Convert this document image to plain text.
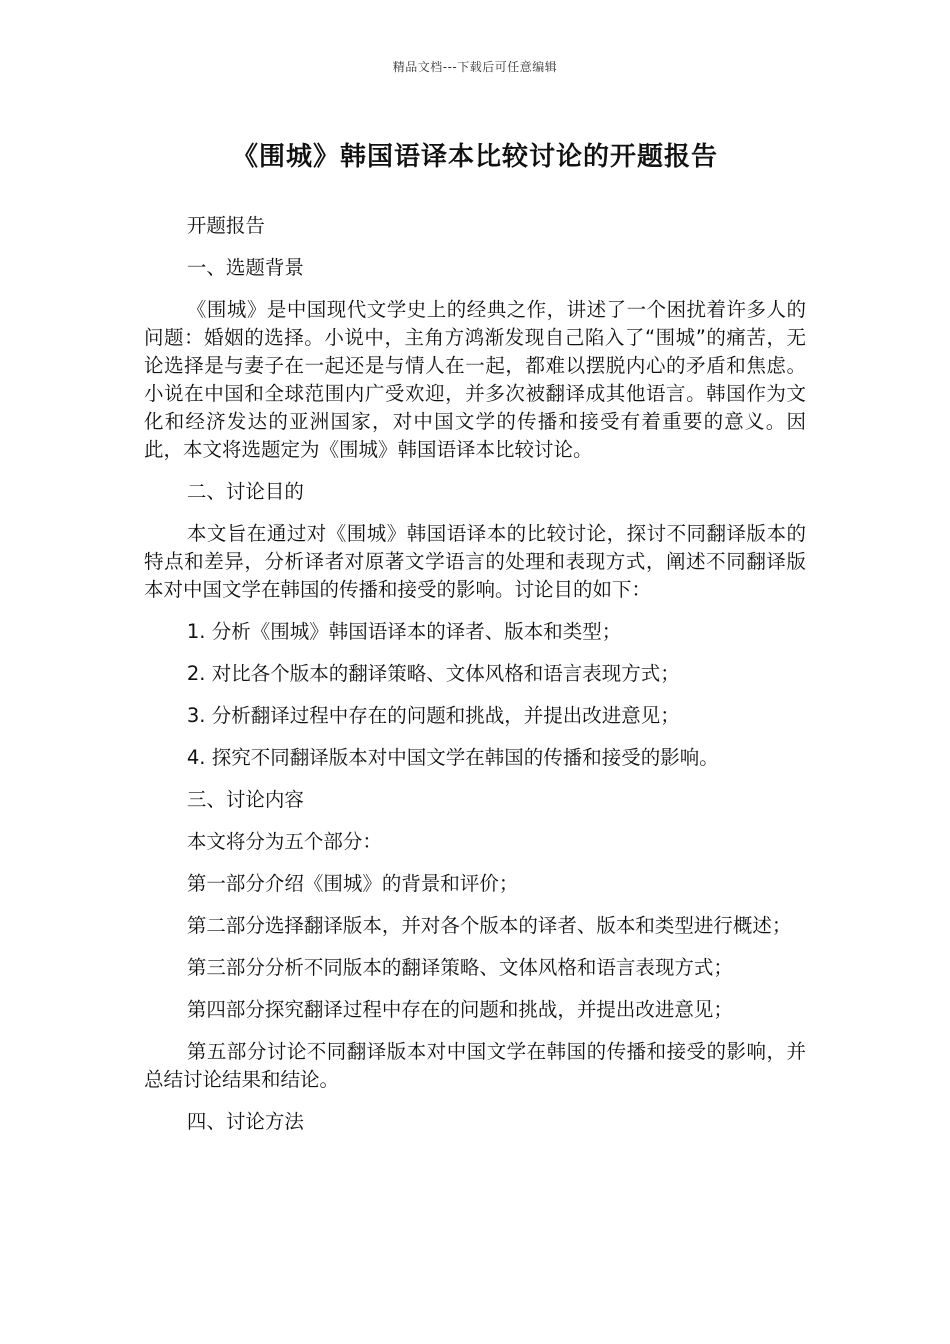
精品文档---下载后可任意编辑
《围城》韩国语译本比较讨论的开题报告

开题报告

一、选题背景

《围城》是中国现代文学史上的经典之作，讲述了一个困扰着许多人的问题：婚姻的选择。小说中，主角方鸿渐发现自己陷入了“围城”的痛苦，无论选择是与妻子在一起还是与情人在一起，都难以摆脱内心的矛盾和焦虑。小说在中国和全球范围内广受欢迎，并多次被翻译成其他语言。韩国作为文化和经济发达的亚洲国家，对中国文学的传播和接受有着重要的意义。因此，本文将选题定为《围城》韩国语译本比较讨论。

二、讨论目的

本文旨在通过对《围城》韩国语译本的比较讨论，探讨不同翻译版本的特点和差异，分析译者对原著文学语言的处理和表现方式，阐述不同翻译版本对中国文学在韩国的传播和接受的影响。讨论目的如下：

1. 分析《围城》韩国语译本的译者、版本和类型；

2. 对比各个版本的翻译策略、文体风格和语言表现方式；

3. 分析翻译过程中存在的问题和挑战，并提出改进意见；

4. 探究不同翻译版本对中国文学在韩国的传播和接受的影响。

三、讨论内容

本文将分为五个部分：

第一部分介绍《围城》的背景和评价；

第二部分选择翻译版本，并对各个版本的译者、版本和类型进行概述；

第三部分分析不同版本的翻译策略、文体风格和语言表现方式；

第四部分探究翻译过程中存在的问题和挑战，并提出改进意见；

第五部分讨论不同翻译版本对中国文学在韩国的传播和接受的影响，并总结讨论结果和结论。

四、讨论方法
